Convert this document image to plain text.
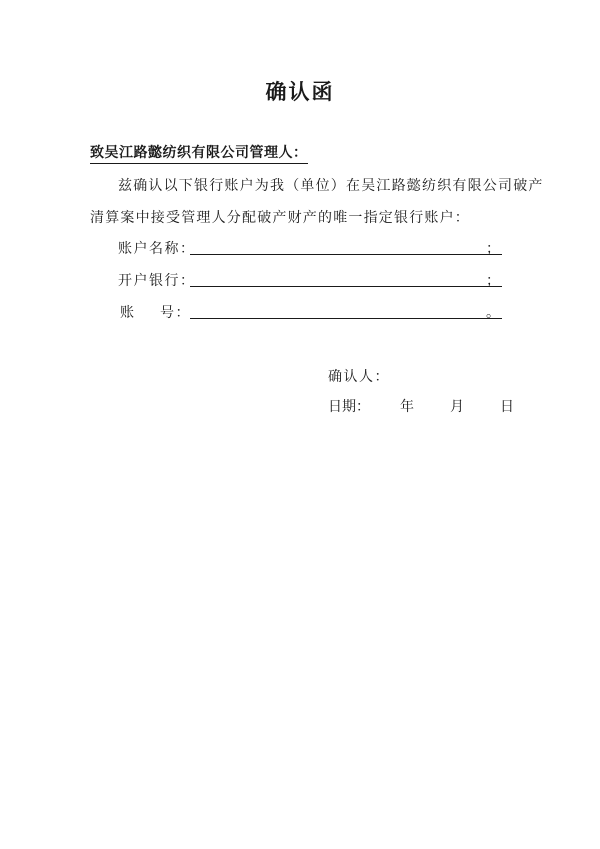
确认函
致吴江路懿纺织有限公司管理人：
兹确认以下银行账户为我（单位）在吴江路懿纺织有限公司破产
清算案中接受管理人分配破产财产的唯一指定银行账户：
账户名称：	；
开户银行：	；
账 号：	。
确认人：
日期： 年	月	日
